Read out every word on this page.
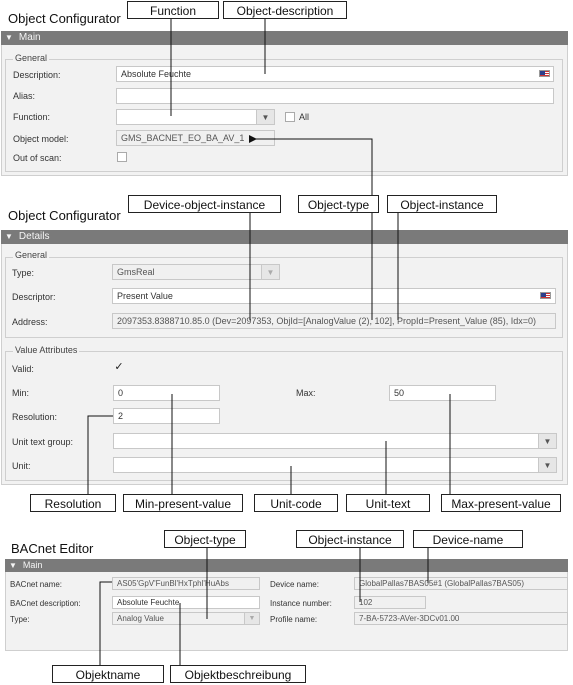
Object Configurator	Function	Object-description
▼ Main
General
Description:	Absolute Feuchte
Alias:
Function:	▼	All
Object model:	GMS_BACNET_EO_BA_AV_1
Out of scan:
Object Configurator
Device-object-instance	Object-type	Object-instance
▼ Details
General
Type:	GmsReal	▼
Descriptor:	Present Value
Address:	2097353.8388710.85.0 (Dev=2097353, ObjId=[AnalogValue (2), 102], PropId=Present_Value (85), Idx=0)
Value Attributes
Valid:	✓
Min:	0	Max:	50
Resolution:	2
Unit text group:	▼
Unit:	▼
Resolution	Min-present-value	Unit-code	Unit-text	Max-present-value
BACnet Editor
Object-type	Object-instance	Device-name
▼ Main
BACnet name:	AS05'GpV'FunBl'HxTphl'HuAbs
BACnet description:	Absolute Feuchte
Type:	Analog Value	▼
Device name:	GlobalPallas7BAS05#1 (GlobalPallas7BAS05)
Instance number:	102
Profile name:	7-BA-5723-AVer-3DCv01.00
Objektname	Objektbeschreibung
